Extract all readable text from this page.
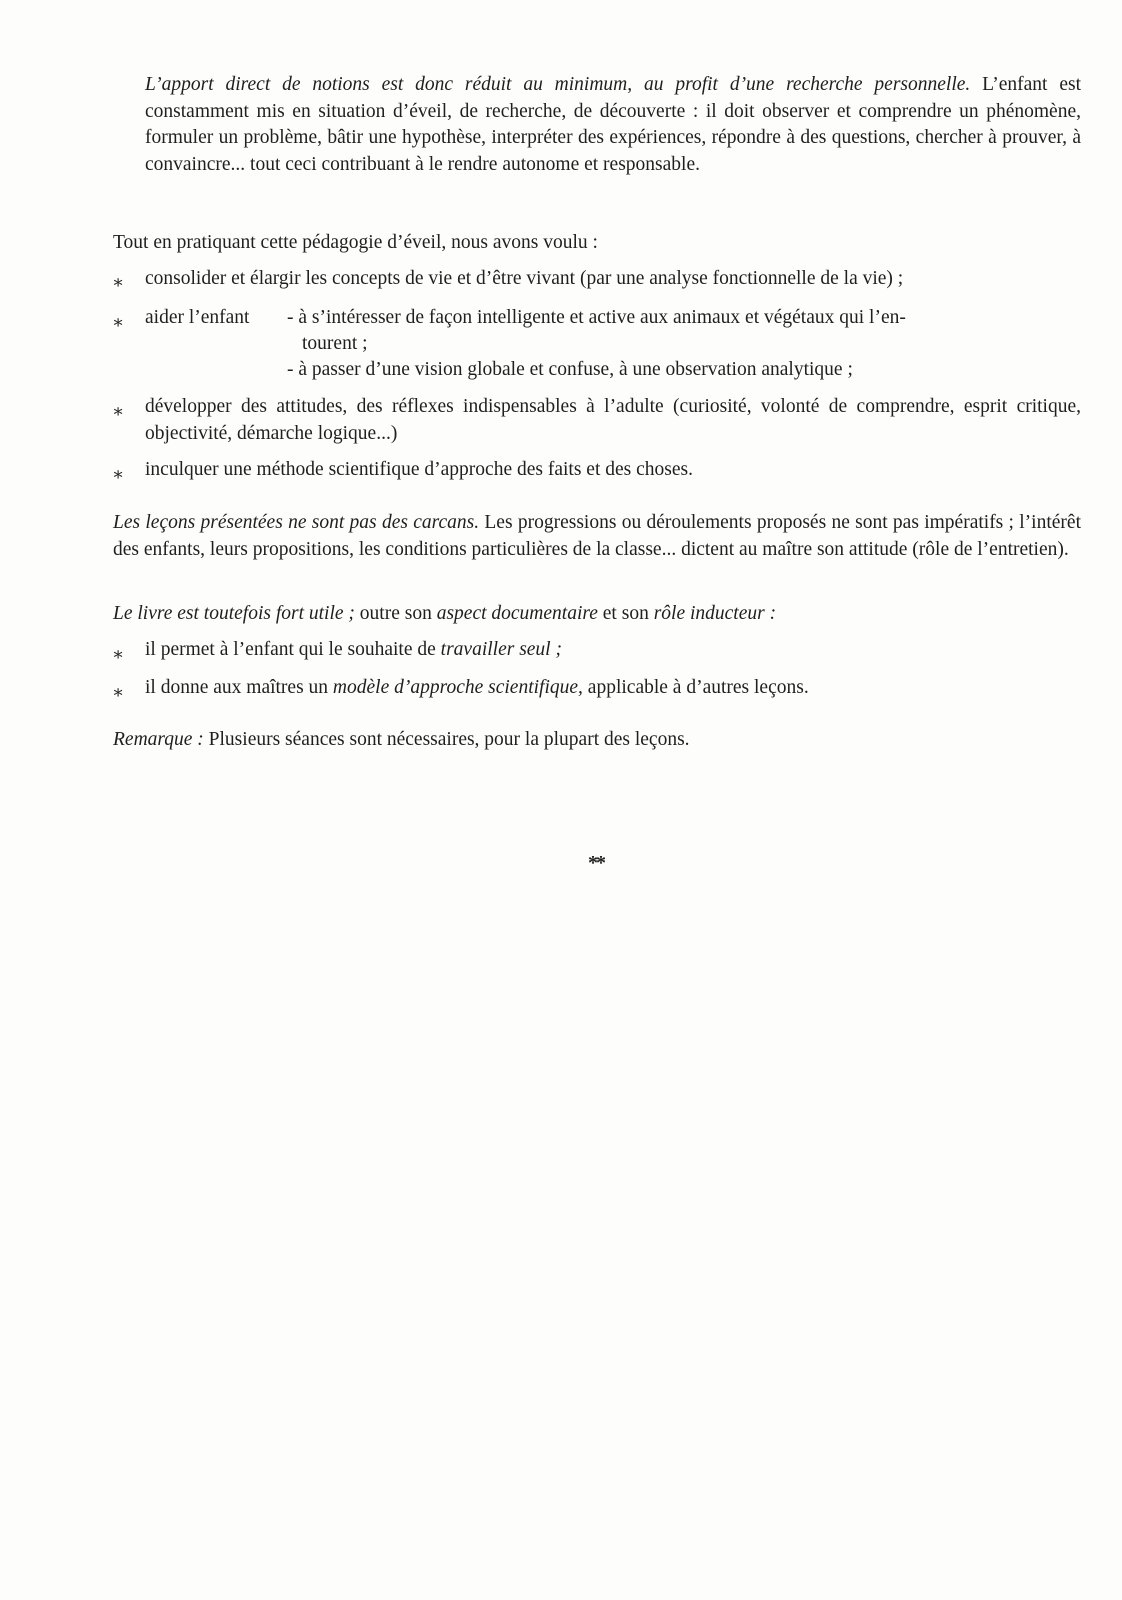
L’apport direct de notions est donc réduit au minimum, au profit d’une recherche personnelle. L’enfant est constamment mis en situation d’éveil, de recherche, de découverte : il doit observer et comprendre un phénomène, formuler un problème, bâtir une hypothèse, interpréter des expériences, répondre à des questions, chercher à prouver, à convaincre... tout ceci contribuant à le rendre autonome et responsable.

Tout en pratiquant cette pédagogie d’éveil, nous avons voulu :

∗	consolider et élargir les concepts de vie et d’être vivant (par une analyse fonctionnelle de la vie) ;

∗	aider l’enfant - à s’intéresser de façon intelligente et active aux animaux et végétaux qui l’en-

tourent ;

- à passer d’une vision globale et confuse, à une observation analytique ;

∗	développer des attitudes, des réflexes indispensables à l’adulte (curiosité, volonté de comprendre, esprit critique, objectivité, démarche logique...)

∗	inculquer une méthode scientifique d’approche des faits et des choses.

Les leçons présentées ne sont pas des carcans. Les progressions ou déroulements proposés ne sont pas impératifs ; l’intérêt des enfants, leurs propositions, les conditions particulières de la classe... dictent au maître son attitude (rôle de l’entretien).

Le livre est toutefois fort utile ; outre son aspect documentaire et son rôle inducteur :

∗	il permet à l’enfant qui le souhaite de travailler seul ;

∗	il donne aux maîtres un modèle d’approche scientifique, applicable à d’autres leçons.

Remarque : Plusieurs séances sont nécessaires, pour la plupart des leçons.

**
